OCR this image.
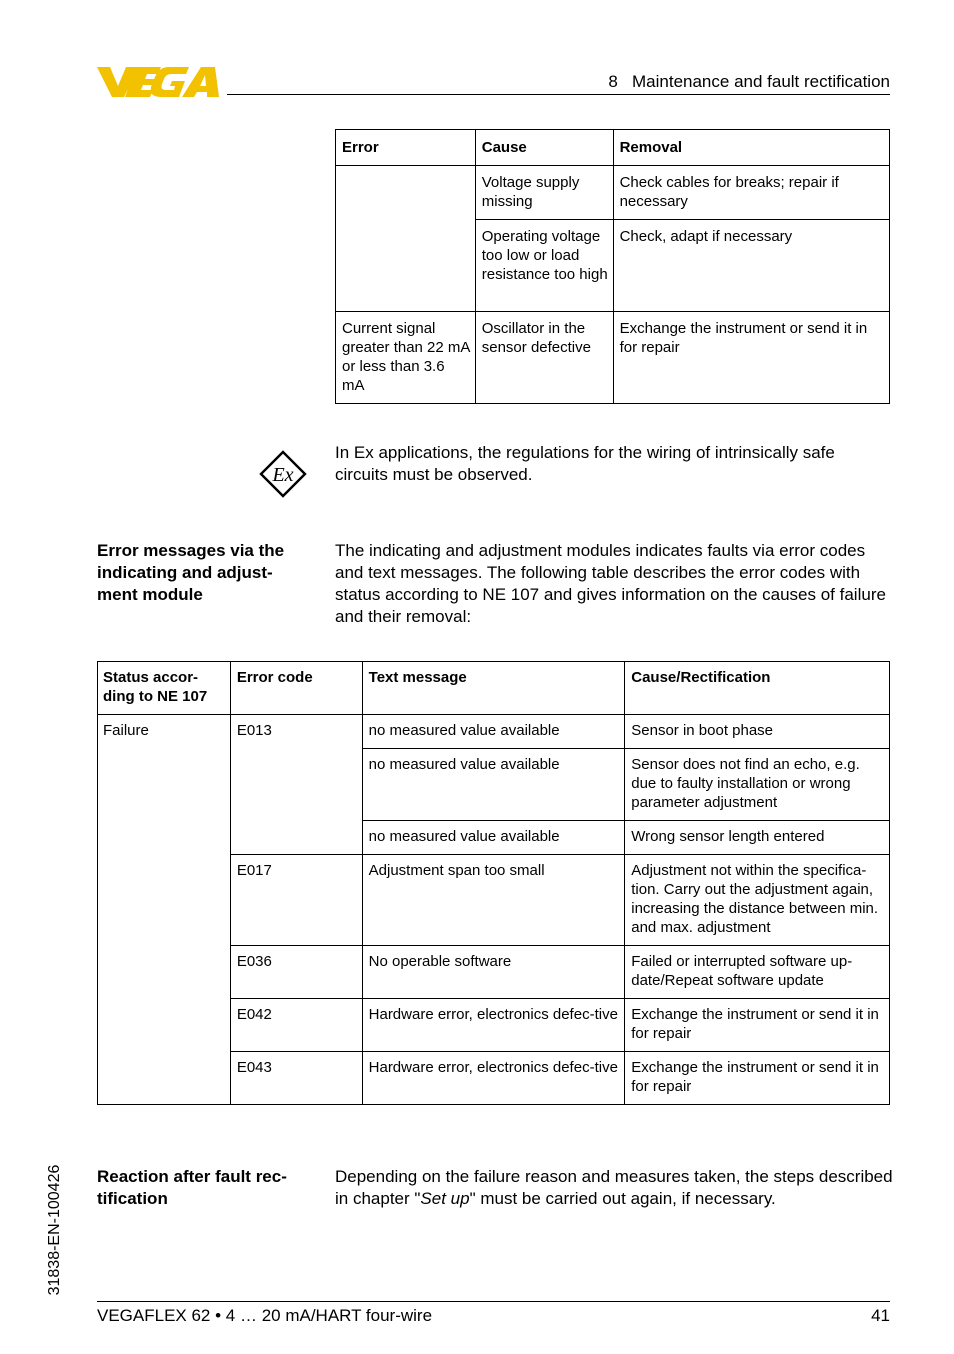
8   Maintenance and fault rectification
Error	Cause	Removal
	Voltage supply missing	Check cables for breaks; repair if necessary
	Operating voltage too low or load resistance too high	Check, adapt if necessary
Current signal greater than 22 mA or less than 3.6 mA	Oscillator in the sensor defective	Exchange the instrument or send it in for repair
Ex
In Ex applications, the regulations for the wiring of intrinsically safe circuits must be observed.
Error messages via the indicating and adjust-ment module
The indicating and adjustment modules indicates faults via error codes and text messages. The following table describes the error codes with status according to NE 107 and gives information on the causes of failure and their removal:
Status accor-ding to NE 107	Error code	Text message	Cause/Rectification
Failure	E013	no measured value available	Sensor in boot phase
		no measured value available	Sensor does not find an echo, e.g. due to faulty installation or wrong parameter adjustment
		no measured value available	Wrong sensor length entered
	E017	Adjustment span too small	Adjustment not within the specifica-tion. Carry out the adjustment again, increasing the distance between min. and max. adjustment
	E036	No operable software	Failed or interrupted software up-date/Repeat software update
	E042	Hardware error, electronics defec-tive	Exchange the instrument or send it in for repair
	E043	Hardware error, electronics defec-tive	Exchange the instrument or send it in for repair
Reaction after fault rec-tification
Depending on the failure reason and measures taken, the steps described in chapter "Set up" must be carried out again, if necessary.
31838-EN-100426
VEGAFLEX 62 • 4 … 20 mA/HART four-wire	41
